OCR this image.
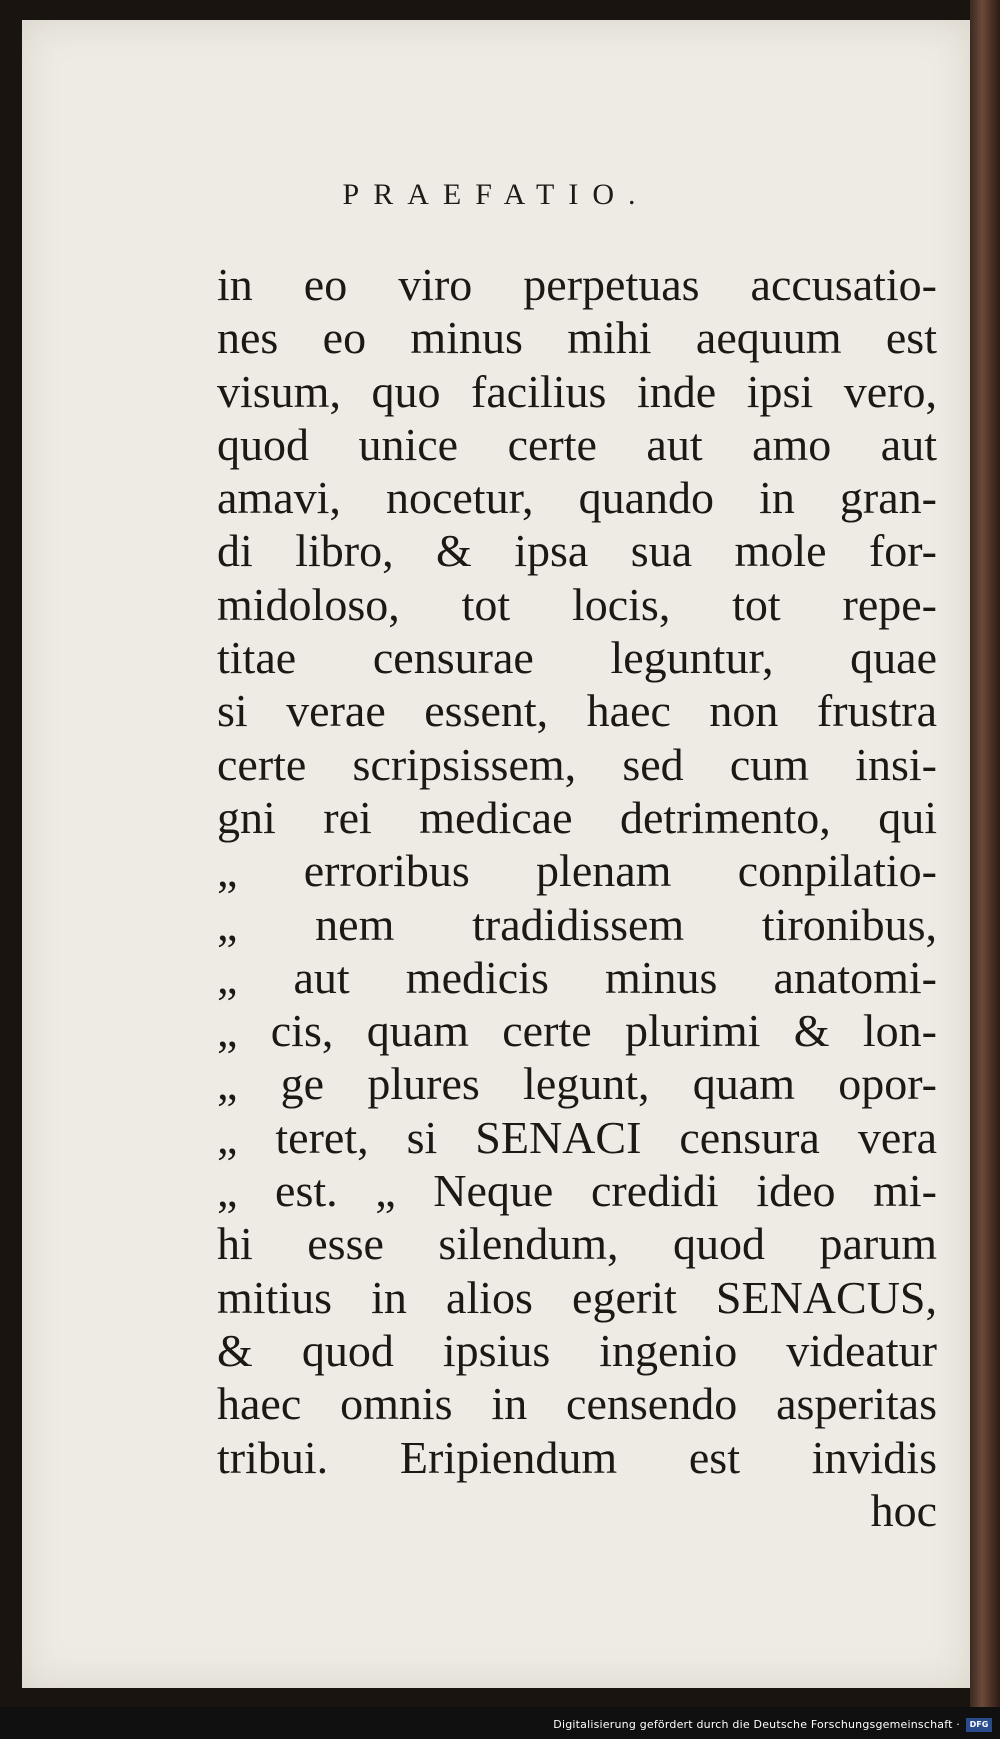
PRAEFATIO.
in eo viro perpetuas accusatio-
nes eo minus mihi aequum est
visum, quo facilius inde ipsi vero,
quod unice certe aut amo aut
amavi, nocetur, quando in gran-
di libro, & ipsa sua mole for-
midoloso, tot locis, tot repe-
titae censurae leguntur, quae
si verae essent, haec non frustra
certe scripsissem, sed cum insi-
gni rei medicae detrimento, qui
„ erroribus plenam conpilatio-
„ nem tradidissem tironibus,
„ aut medicis minus anatomi-
„ cis, quam certe plurimi & lon-
„ ge plures legunt, quam opor-
„ teret, si SENACI censura vera
„ est. „ Neque credidi ideo mi-
hi esse silendum, quod parum
mitius in alios egerit SENACUS,
& quod ipsius ingenio videatur
haec omnis in censendo asperitas
tribui. Eripiendum est invidis
hoc
Digitalisierung gefördert durch die Deutsche Forschungsgemeinschaft ·	DFG
